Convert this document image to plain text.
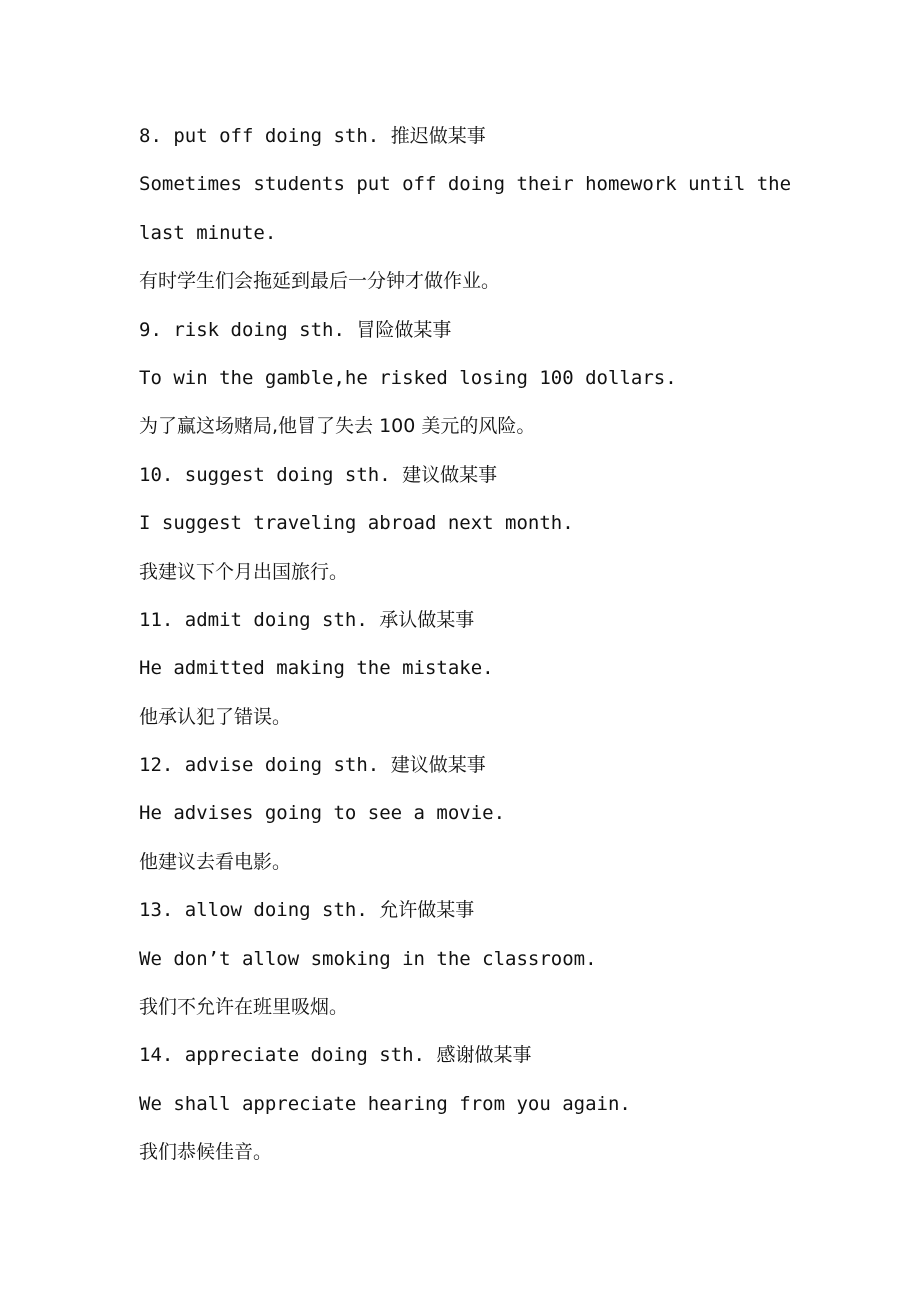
8. put off doing sth. 推迟做某事
Sometimes students put off doing their homework until the
last minute.
有时学生们会拖延到最后一分钟才做作业。
9. risk doing sth. 冒险做某事
To win the gamble,he risked losing 100 dollars.
为了赢这场赌局,他冒了失去 100 美元的风险。
10. suggest doing sth. 建议做某事
I suggest traveling abroad next month.
我建议下个月出国旅行。
11. admit doing sth. 承认做某事
He admitted making the mistake.
他承认犯了错误。
12. advise doing sth. 建议做某事
He advises going to see a movie.
他建议去看电影。
13. allow doing sth. 允许做某事
We don’t allow smoking in the classroom.
我们不允许在班里吸烟。
14. appreciate doing sth. 感谢做某事
We shall appreciate hearing from you again.
我们恭候佳音。
